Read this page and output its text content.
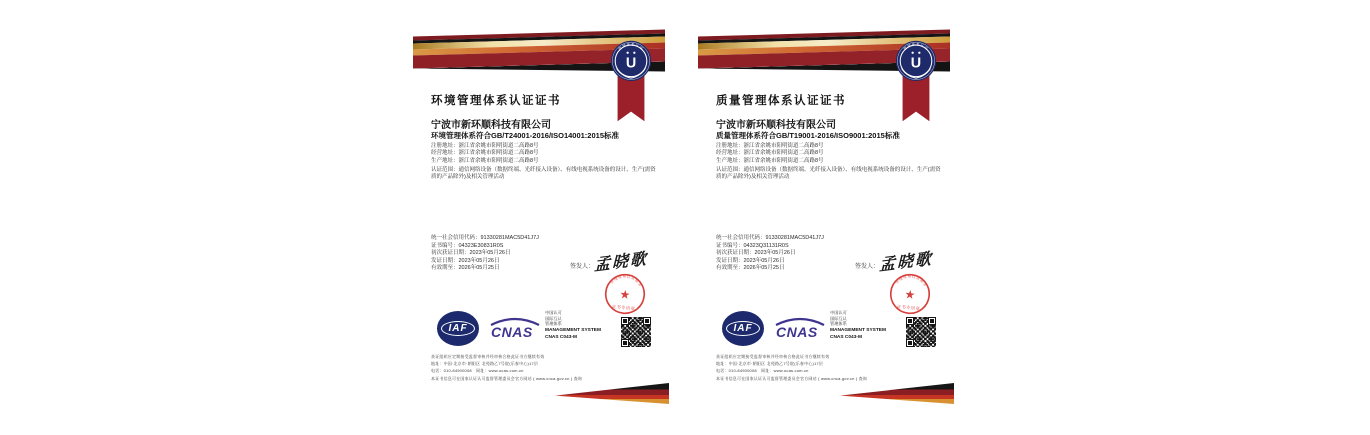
管理体系认证
U
环境管理体系认证证书
宁波市新环顺科技有限公司
环境管理体系符合GB/T24001-2016/ISO14001:2015标准
注册地址：浙江省余姚市阳明街道二高路8号
经营地址：浙江省余姚市阳明街道二高路8号
生产地址：浙江省余姚市阳明街道二高路8号
认证范围：通信网络设备（数据终端、光纤接入设备）、有线电视系统设备的设计、生产(需资质的产品除外)及相关管理活动
统一社会信用代码：91330281MAC5D41J7J
证书编号：04323E30831R0S
初次获证日期：2023年05月26日
发证日期：2023年05月26日
有效期至：2026年05月25日	签发人： 孟晓歌
管理体系认证服务
★
证书专用章
IAF CNAS
中国认可
国际互认
管理体系
MANAGEMENT SYSTEM
CNAS C043-M
获证组织应定期接受监督审核并经审核合格此证书方继续有效
地址：中国·北京市·朝阳区 北苑路乙7号院(乐春中心)17层
电话：010-84900008　网址：www.ucas.com.cn
本证书信息可在国家认证认可监督管理委员会官方网站 ( www.cnca.gov.cn ) 查询
管理体系认证
U
质量管理体系认证证书
宁波市新环顺科技有限公司
质量管理体系符合GB/T19001-2016/ISO9001:2015标准
注册地址：浙江省余姚市阳明街道二高路8号
经营地址：浙江省余姚市阳明街道二高路8号
生产地址：浙江省余姚市阳明街道二高路8号
认证范围：通信网络设备（数据终端、光纤接入设备）、有线电视系统设备的设计、生产(需资质的产品除外)及相关管理活动
统一社会信用代码：91330281MAC5D41J7J
证书编号：04323Q31131R0S
初次获证日期：2023年05月26日
发证日期：2023年05月26日
有效期至：2026年05月25日	签发人： 孟晓歌
管理体系认证服务
★
证书专用章
IAF CNAS
中国认可
国际互认
管理体系
MANAGEMENT SYSTEM
CNAS C043-M
获证组织应定期接受监督审核并经审核合格此证书方继续有效
地址：中国·北京市·朝阳区 北苑路乙7号院(乐春中心)17层
电话：010-84900008　网址：www.ucas.com.cn
本证书信息可在国家认证认可监督管理委员会官方网站 ( www.cnca.gov.cn ) 查询
